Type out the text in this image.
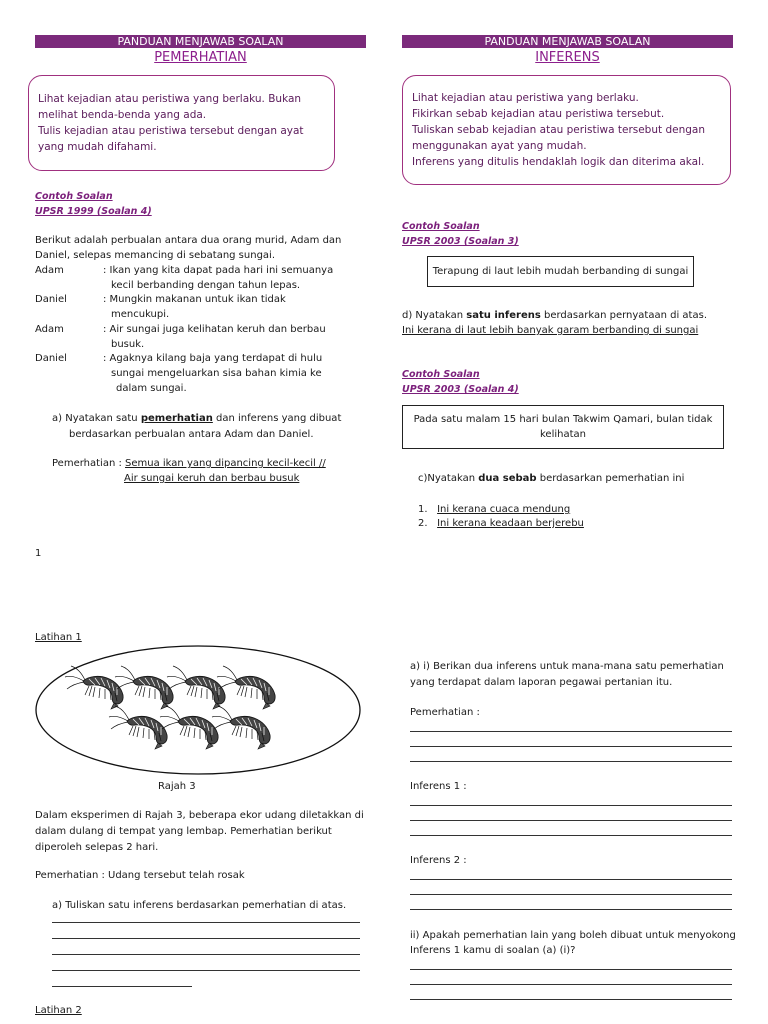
PANDUAN MENJAWAB SOALAN
PEMERHATIAN
Lihat kejadian atau peristiwa yang berlaku. Bukan
melihat benda-benda yang ada.
Tulis kejadian atau peristiwa tersebut dengan ayat
yang mudah difahami.
Contoh Soalan
UPSR 1999 (Soalan 4)
Berikut adalah perbualan antara dua orang murid, Adam dan
Daniel, selepas memancing di sebatang sungai.
Adam	: Ikan yang kita dapat pada hari ini semuanya
kecil berbanding dengan tahun lepas.
Daniel	: Mungkin makanan untuk ikan tidak
mencukupi.
Adam	: Air sungai juga kelihatan keruh dan berbau
busuk.
Daniel	: Agaknya kilang baja yang terdapat di hulu
sungai mengeluarkan sisa bahan kimia ke
dalam sungai.
a) Nyatakan satu pemerhatian dan inferens yang dibuat
berdasarkan perbualan antara Adam dan Daniel.
Pemerhatian : Semua ikan yang dipancing kecil-kecil //
Air sungai keruh dan berbau busuk
1
Latihan 1
Rajah 3
Dalam eksperimen di Rajah 3, beberapa ekor udang diletakkan di
dalam dulang di tempat yang lembap. Pemerhatian berikut
diperoleh selepas 2 hari.
Pemerhatian : Udang tersebut telah rosak
a) Tuliskan satu inferens berdasarkan pemerhatian di atas.
Latihan 2
PANDUAN MENJAWAB SOALAN
INFERENS
Lihat kejadian atau peristiwa yang berlaku.
Fikirkan sebab kejadian atau peristiwa tersebut.
Tuliskan sebab kejadian atau peristiwa tersebut dengan
menggunakan ayat yang mudah.
Inferens yang ditulis hendaklah logik dan diterima akal.
Contoh Soalan
UPSR 2003 (Soalan 3)
Terapung di laut lebih mudah berbanding di sungai
d) Nyatakan satu inferens berdasarkan pernyataan di atas.
Ini kerana di laut lebih banyak garam berbanding di sungai
Contoh Soalan
UPSR 2003 (Soalan 4)
Pada satu malam 15 hari bulan Takwim Qamari, bulan tidak
kelihatan
c)Nyatakan dua sebab berdasarkan pemerhatian ini
1.   Ini kerana cuaca mendung
2.   Ini kerana keadaan berjerebu
a) i) Berikan dua inferens untuk mana-mana satu pemerhatian
yang terdapat dalam laporan pegawai pertanian itu.
Pemerhatian :
Inferens 1 :
Inferens 2 :
ii) Apakah pemerhatian lain yang boleh dibuat untuk menyokong
Inferens 1 kamu di soalan (a) (i)?
